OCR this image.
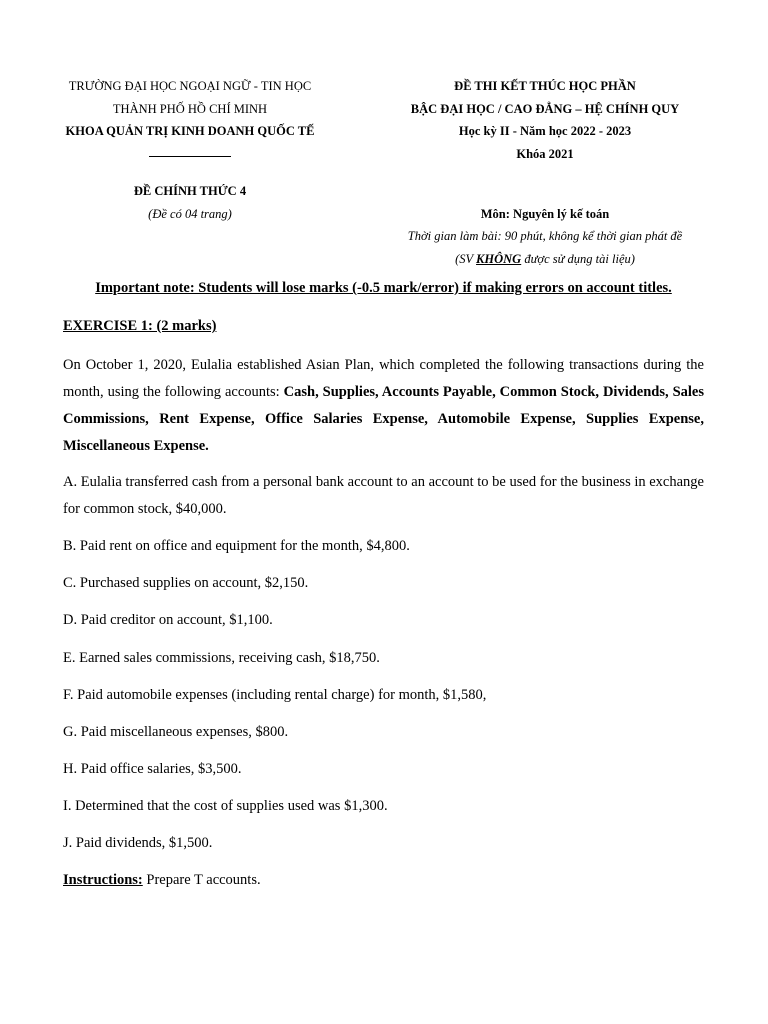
TRƯỜNG ĐẠI HỌC NGOẠI NGỮ - TIN HỌC
THÀNH PHỐ HỒ CHÍ MINH
KHOA QUẢN TRỊ KINH DOANH QUỐC TẾ
ĐỀ CHÍNH THỨC 4
(Đề có 04 trang)
ĐỀ THI KẾT THÚC HỌC PHẦN
BẬC ĐẠI HỌC / CAO ĐẲNG – HỆ CHÍNH QUY
Học kỳ II - Năm học 2022 - 2023
Khóa 2021
Môn: Nguyên lý kế toán
Thời gian làm bài: 90 phút, không kể thời gian phát đề
(SV KHÔNG được sử dụng tài liệu)
Important note: Students will lose marks (-0.5 mark/error) if making errors on account titles.
EXERCISE 1: (2 marks)
On October 1, 2020, Eulalia established Asian Plan, which completed the following transactions during the month, using the following accounts: Cash, Supplies, Accounts Payable, Common Stock, Dividends, Sales Commissions, Rent Expense, Office Salaries Expense, Automobile Expense, Supplies Expense, Miscellaneous Expense.
A. Eulalia transferred cash from a personal bank account to an account to be used for the business in exchange for common stock, $40,000.
B. Paid rent on office and equipment for the month, $4,800.
C. Purchased supplies on account, $2,150.
D. Paid creditor on account, $1,100.
E. Earned sales commissions, receiving cash, $18,750.
F. Paid automobile expenses (including rental charge) for month, $1,580,
G. Paid miscellaneous expenses, $800.
H. Paid office salaries, $3,500.
I. Determined that the cost of supplies used was $1,300.
J. Paid dividends, $1,500.
Instructions: Prepare T accounts.
